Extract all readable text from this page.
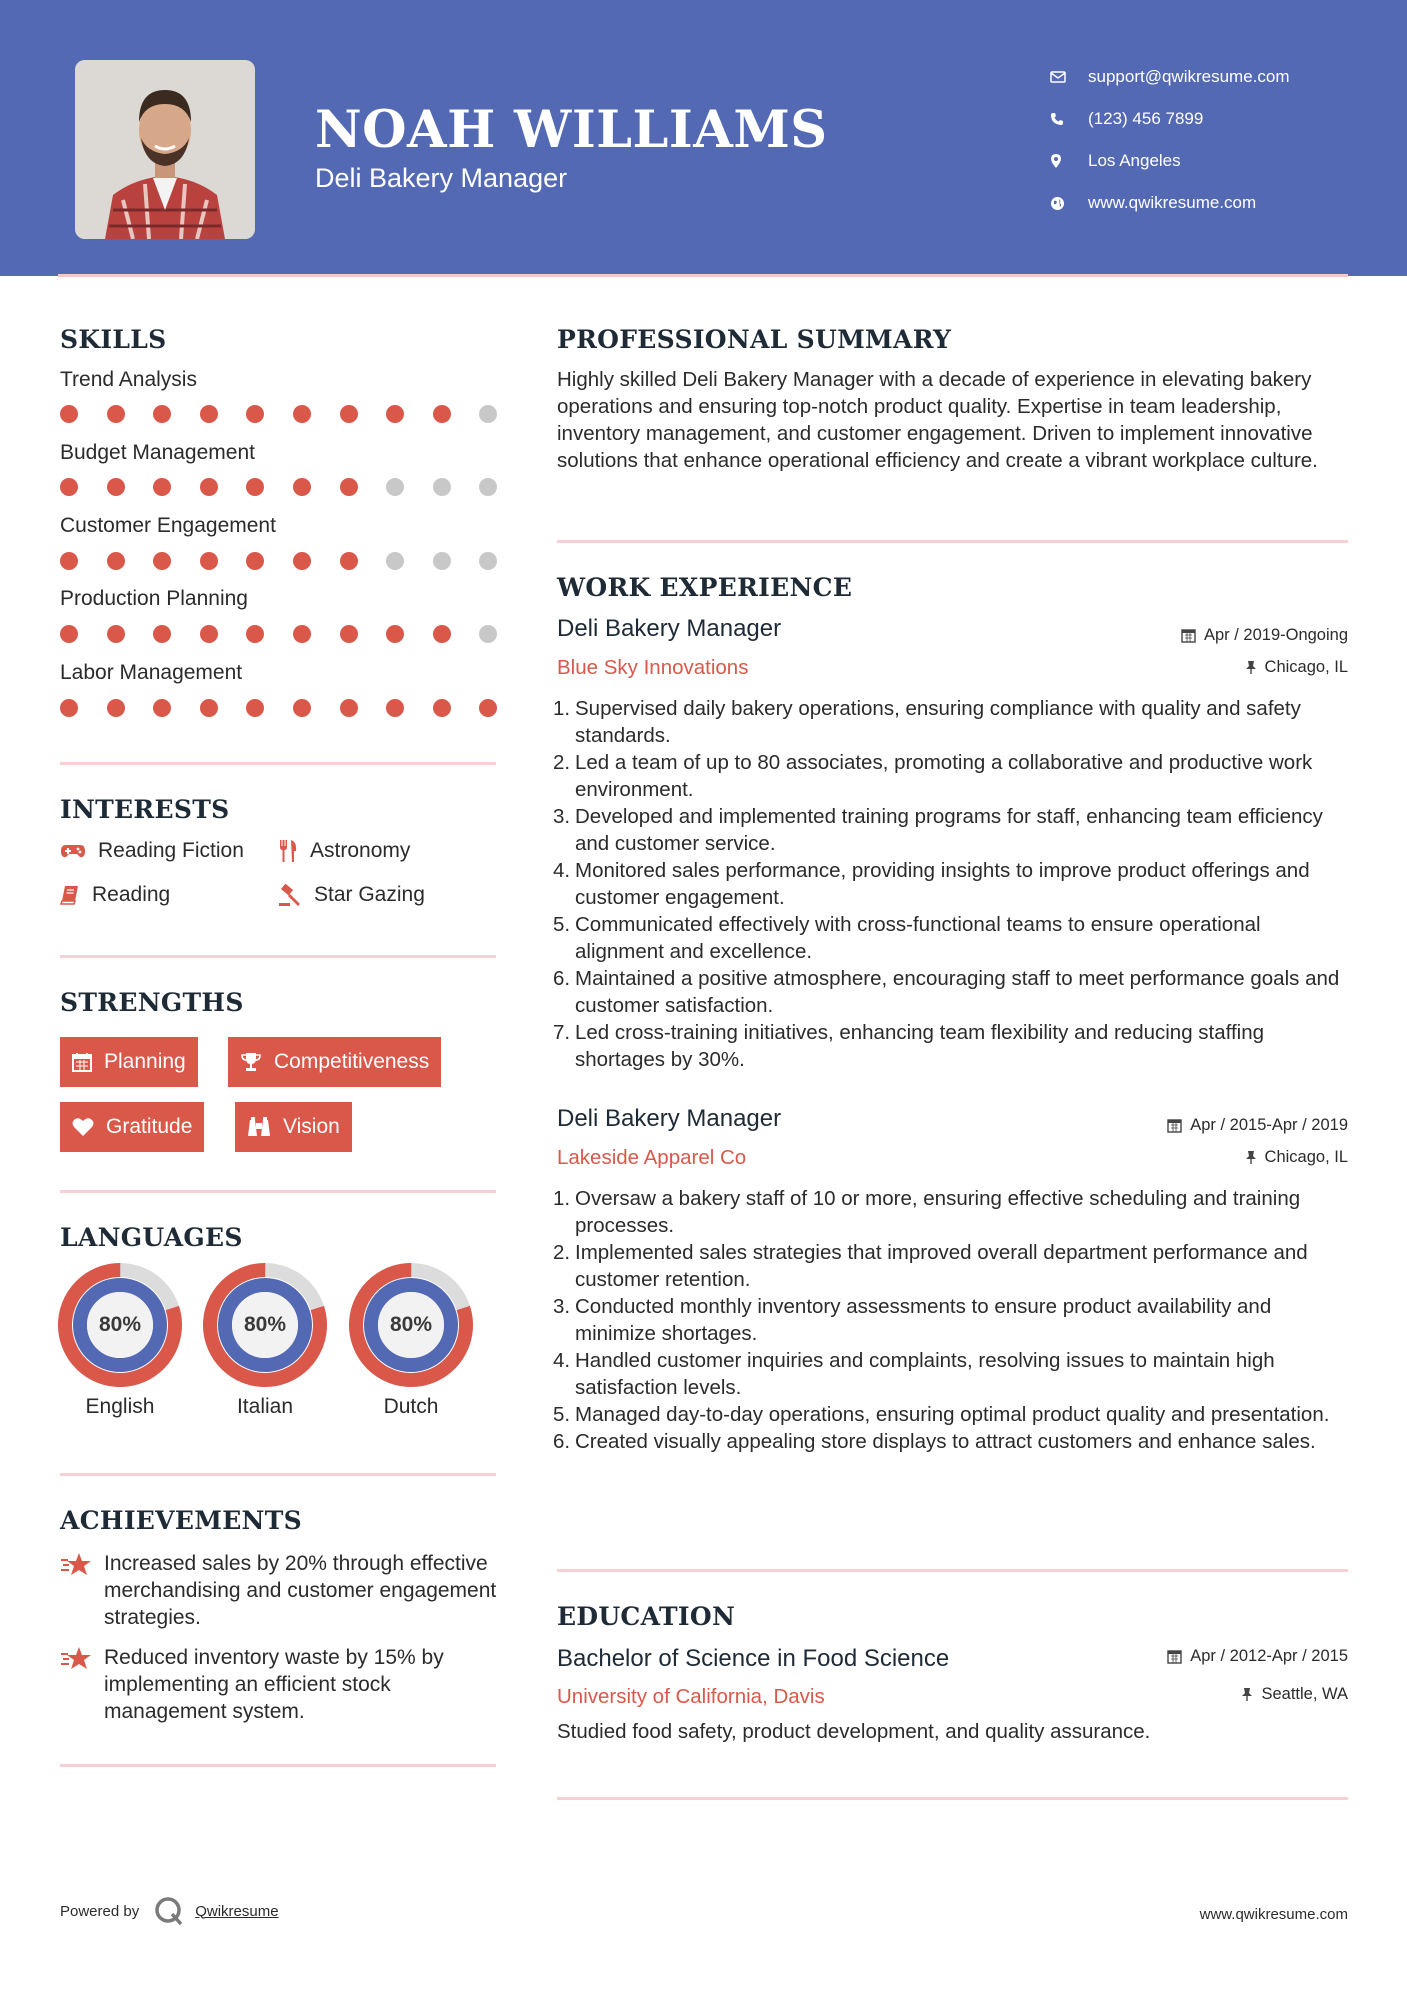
NOAH WILLIAMS
Deli Bakery Manager
support@qwikresume.com
(123) 456 7899
Los Angeles
www.qwikresume.com
SKILLS
Trend Analysis
Budget Management
Customer Engagement
Production Planning
Labor Management
INTERESTS
Reading Fiction	Astronomy
Reading	Star Gazing
STRENGTHS
Planning	Competitiveness
Gratitude	Vision
LANGUAGES
80%
English
80%
Italian
80%
Dutch
ACHIEVEMENTS
Increased sales by 20% through effective merchandising and customer engagement strategies.
Reduced inventory waste by 15% by implementing an efficient stock management system.
PROFESSIONAL SUMMARY
Highly skilled Deli Bakery Manager with a decade of experience in elevating bakery operations and ensuring top-notch product quality. Expertise in team leadership, inventory management, and customer engagement. Driven to implement innovative solutions that enhance operational efficiency and create a vibrant workplace culture.
WORK EXPERIENCE
Deli Bakery Manager	Apr / 2019-Ongoing
Blue Sky Innovations	Chicago, IL
1. Supervised daily bakery operations, ensuring compliance with quality and safety standards.
2. Led a team of up to 80 associates, promoting a collaborative and productive work environment.
3. Developed and implemented training programs for staff, enhancing team efficiency and customer service.
4. Monitored sales performance, providing insights to improve product offerings and customer engagement.
5. Communicated effectively with cross-functional teams to ensure operational alignment and excellence.
6. Maintained a positive atmosphere, encouraging staff to meet performance goals and customer satisfaction.
7. Led cross-training initiatives, enhancing team flexibility and reducing staffing shortages by 30%.
Deli Bakery Manager	Apr / 2015-Apr / 2019
Lakeside Apparel Co	Chicago, IL
1. Oversaw a bakery staff of 10 or more, ensuring effective scheduling and training processes.
2. Implemented sales strategies that improved overall department performance and customer retention.
3. Conducted monthly inventory assessments to ensure product availability and minimize shortages.
4. Handled customer inquiries and complaints, resolving issues to maintain high satisfaction levels.
5. Managed day-to-day operations, ensuring optimal product quality and presentation.
6. Created visually appealing store displays to attract customers and enhance sales.
EDUCATION
Bachelor of Science in Food Science	Apr / 2012-Apr / 2015
University of California, Davis	Seattle, WA
Studied food safety, product development, and quality assurance.
Powered by	Qwikresume	www.qwikresume.com
